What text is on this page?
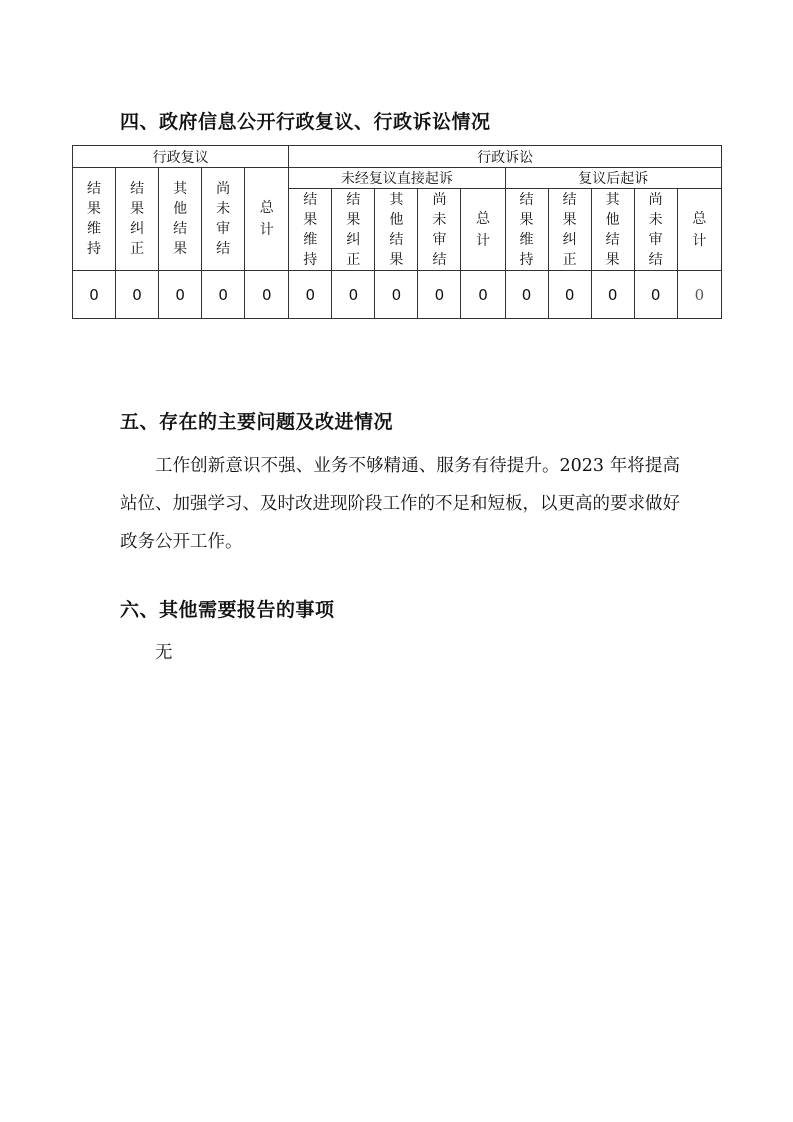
四、政府信息公开行政复议、行政诉讼情况
行政复议					行政诉讼									
结果维持	结果纠正	其他结果	尚未审结	总计	未经复议直接起诉					复议后起诉				
					结果维持	结果纠正	其他结果	尚未审结	总计	结果维持	结果纠正	其他结果	尚未审结	总计
0	0	0	0	0	0	0	0	0	0	0	0	0	0	0
五、存在的主要问题及改进情况
工作创新意识不强、业务不够精通、服务有待提升。2023 年将提高站位、加强学习、及时改进现阶段工作的不足和短板，以更高的要求做好政务公开工作。
六、其他需要报告的事项
无
